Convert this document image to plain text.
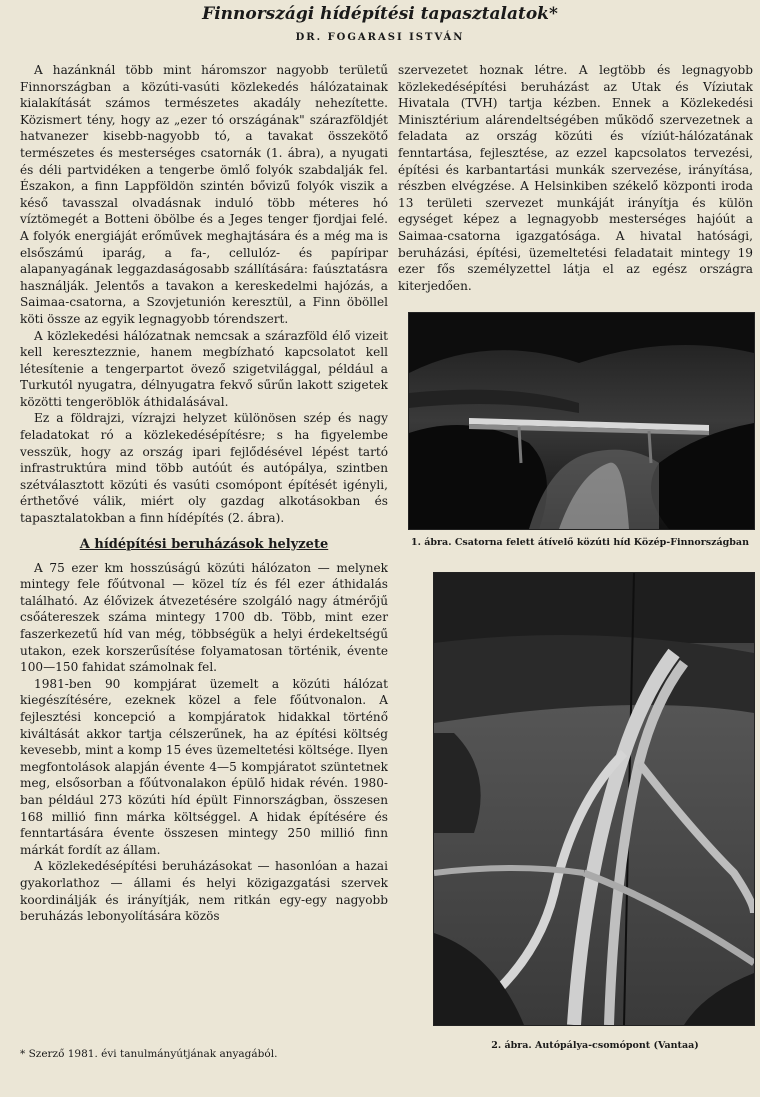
Finnországi hídépítési tapasztalatok*
DR. FOGARASI ISTVÁN

A hazánknál több mint háromszor nagyobb területű Finnországban a közúti-vasúti közlekedés hálózatainak kialakítását számos természetes akadály nehezítette. Közismert tény, hogy az „ezer tó országának" szárazföldjét hatvanezer kisebb-nagyobb tó, a tavakat összekötő természetes és mesterséges csatornák (1. ábra), a nyugati és déli partvidéken a tengerbe ömlő folyók szabdalják fel. Északon, a finn Lappföldön szintén bővizű folyók viszik a késő tavasszal olvadásnak induló több méteres hó víztömegét a Botteni öbölbe és a Jeges tenger fjordjai felé. A folyók energiáját erőművek meghajtására és a még ma is elsőszámú iparág, a fa-, cellulóz- és papíripar alapanyagának leggazdaságosabb szállítására: faúsztatásra használják. Jelentős a tavakon a kereskedelmi hajózás, a Saimaa-csatorna, a Szovjetunión keresztül, a Finn öböllel köti össze az egyik legnagyobb tórendszert.

A közlekedési hálózatnak nemcsak a szárazföld élő vizeit kell keresztezznie, hanem megbízható kapcsolatot kell létesítenie a tengerpartot övező szigetvilággal, például a Turkutól nyugatra, délnyugatra fekvő sűrűn lakott szigetek közötti tengeröblök áthidalásával.

Ez a földrajzi, vízrajzi helyzet különösen szép és nagy feladatokat ró a közlekedésépítésre; s ha figyelembe vesszük, hogy az ország ipari fejlődésével lépést tartó infrastruktúra mind több autóút és autópálya, szintben szétválasztott közúti és vasúti csomópont építését igényli, érthetővé válik, miért oly gazdag alkotásokban és tapasztalatokban a finn hídépítés (2. ábra).

A hídépítési beruházások helyzete

A 75 ezer km hosszúságú közúti hálózaton — melynek mintegy fele főútvonal — közel tíz és fél ezer áthidalás található. Az élővizek átvezetésére szolgáló nagy átmérőjű csőátereszek száma mintegy 1700 db. Több, mint ezer faszerkezetű híd van még, többségük a helyi érdekeltségű utakon, ezek korszerűsítése folyamatosan történik, évente 100—150 fahidat számolnak fel.

1981-ben 90 kompjárat üzemelt a közúti hálózat kiegészítésére, ezeknek közel a fele főútvonalon. A fejlesztési koncepció a kompjáratok hidakkal történő kiváltását akkor tartja célszerűnek, ha az építési költség kevesebb, mint a komp 15 éves üzemeltetési költsége. Ilyen megfontolások alapján évente 4—5 kompjáratot szüntetnek meg, elsősorban a főútvonalakon épülő hidak révén. 1980-ban például 273 közúti híd épült Finnországban, összesen 168 millió finn márka költséggel. A hidak építésére és fenntartására évente összesen mintegy 250 millió finn márkát fordít az állam.

A közlekedésépítési beruházásokat — hasonlóan a hazai gyakorlathoz — állami és helyi közigazgatási szervek koordinálják és irányítják, nem ritkán egy-egy nagyobb beruházás lebonyolítására közös

szervezetet hoznak létre. A legtöbb és legnagyobb közlekedésépítési beruházást az Utak és Víziutak Hivatala (TVH) tartja kézben. Ennek a Közlekedési Minisztérium alárendeltségében működő szervezetnek a feladata az ország közúti és víziút-hálózatának fenntartása, fejlesztése, az ezzel kapcsolatos tervezési, építési és karbantartási munkák szervezése, irányítása, részben elvégzése. A Helsinkiben székelő központi iroda 13 területi szervezet munkáját irányítja és külön egységet képez a legnagyobb mesterséges hajóút a Saimaa-csatorna igazgatósága. A hivatal hatósági, beruházási, építési, üzemeltetési feladatait mintegy 19 ezer fős személyzettel látja el az egész országra kiterjedően.

1. ábra. Csatorna felett átívelő közúti híd Közép-Finnországban
2. ábra. Autópálya-csomópont (Vantaa)
* Szerző 1981. évi tanulmányútjának anyagából.
